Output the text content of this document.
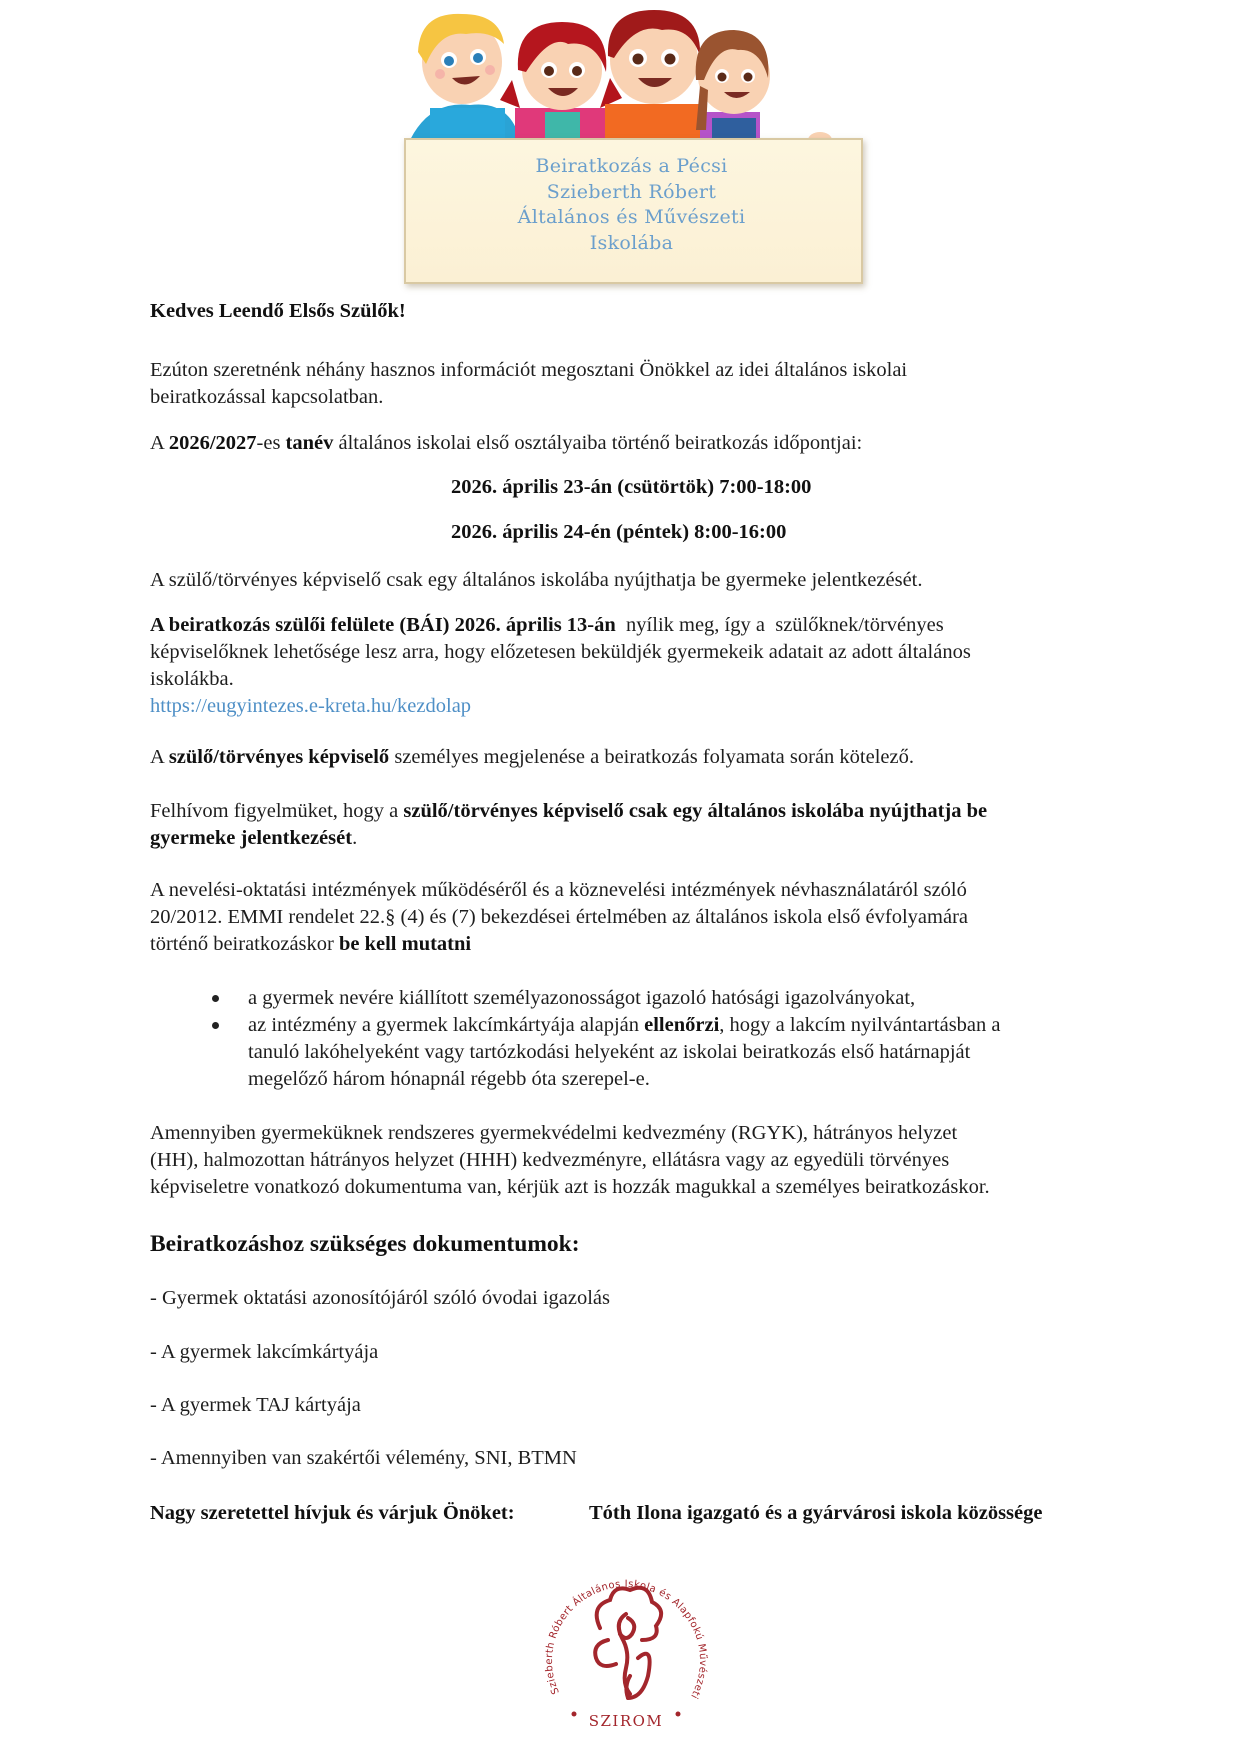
Beiratkozás a Pécsi
Szieberth Róbert
Általános és Művészeti
Iskolába
Kedves Leendő Elsős Szülők!
Ezúton szeretnénk néhány hasznos információt megosztani Önökkel az idei általános iskolai
beiratkozással kapcsolatban.
A 2026/2027-es tanév általános iskolai első osztályaiba történő beiratkozás időpontjai:
2026. április 23-án (csütörtök) 7:00-18:00
2026. április 24-én (péntek) 8:00-16:00
A szülő/törvényes képviselő csak egy általános iskolába nyújthatja be gyermeke jelentkezését.
A beiratkozás szülői felülete (BÁI) 2026. április 13-án  nyílik meg, így a  szülőknek/törvényes
képviselőknek lehetősége lesz arra, hogy előzetesen beküldjék gyermekeik adatait az adott általános
iskolákba.
https://eugyintezes.e-kreta.hu/kezdolap
A szülő/törvényes képviselő személyes megjelenése a beiratkozás folyamata során kötelező.
Felhívom figyelmüket, hogy a szülő/törvényes képviselő csak egy általános iskolába nyújthatja be
gyermeke jelentkezését.
A nevelési-oktatási intézmények működéséről és a köznevelési intézmények névhasználatáról szóló
20/2012. EMMI rendelet 22.§ (4) és (7) bekezdései értelmében az általános iskola első évfolyamára
történő beiratkozáskor be kell mutatni
a gyermek nevére kiállított személyazonosságot igazoló hatósági igazolványokat,
az intézmény a gyermek lakcímkártyája alapján ellenőrzi, hogy a lakcím nyilvántartásban a
tanuló lakóhelyeként vagy tartózkodási helyeként az iskolai beiratkozás első határnapját
megelőző három hónapnál régebb óta szerepel-e.
Amennyiben gyermeküknek rendszeres gyermekvédelmi kedvezmény (RGYK), hátrányos helyzet
(HH), halmozottan hátrányos helyzet (HHH) kedvezményre, ellátásra vagy az egyedüli törvényes
képviseletre vonatkozó dokumentuma van, kérjük azt is hozzák magukkal a személyes beiratkozáskor.
Beiratkozáshoz szükséges dokumentumok:
- Gyermek oktatási azonosítójáról szóló óvodai igazolás
- A gyermek lakcímkártyája
- A gyermek TAJ kártyája
- Amennyiben van szakértői vélemény, SNI, BTMN
Nagy szeretettel hívjuk és várjuk Önöket:	Tóth Ilona igazgató és a gyárvárosi iskola közössége
Szieberth Róbert Általános Iskola és Alapfokú Művészeti
SZIROM
